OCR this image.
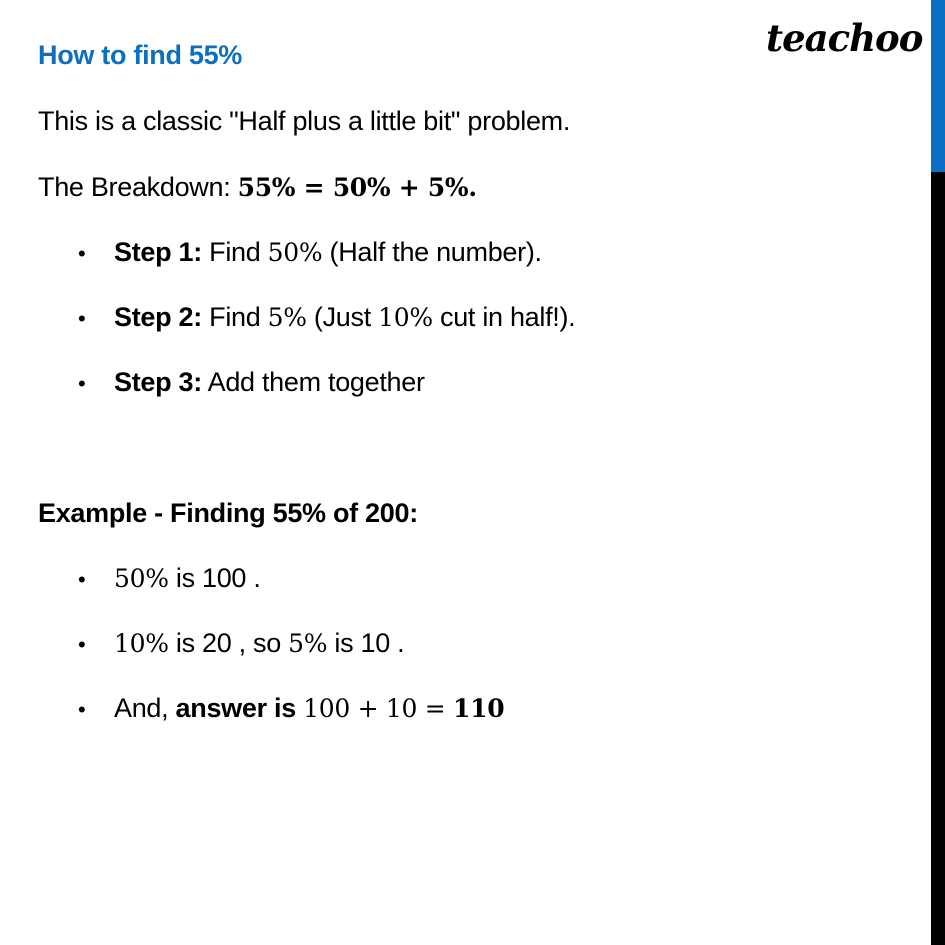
How to find 55%	teachoo
This is a classic "Half plus a little bit" problem.
The Breakdown: 55% = 50% + 5%.
• Step 1: Find 50% (Half the number).
• Step 2: Find 5% (Just 10% cut in half!).
• Step 3: Add them together
Example - Finding 55% of 200:
• 50% is 100 .
• 10% is 20 , so 5% is 10 .
• And, answer is 100 + 10 = 110
